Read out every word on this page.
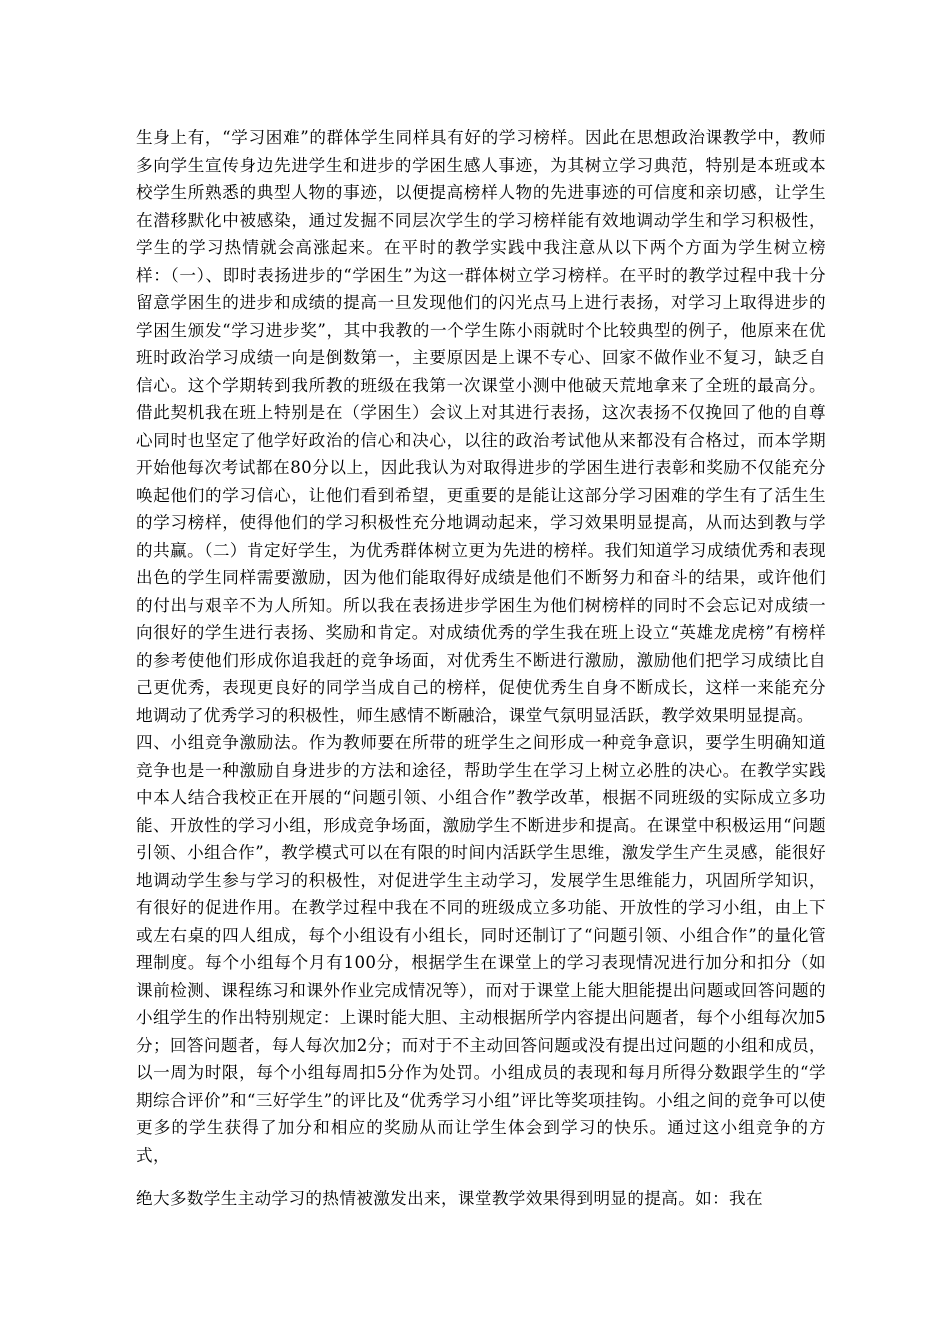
生身上有，“学习困难”的群体学生同样具有好的学习榜样。因此在思想政治课教学中，教师多向学生宣传身边先进学生和进步的学困生感人事迹，为其树立学习典范，特别是本班或本校学生所熟悉的典型人物的事迹，以便提高榜样人物的先进事迹的可信度和亲切感，让学生在潜移默化中被感染，通过发掘不同层次学生的学习榜样能有效地调动学生和学习积极性，学生的学习热情就会高涨起来。在平时的教学实践中我注意从以下两个方面为学生树立榜样：（一）、即时表扬进步的“学困生”为这一群体树立学习榜样。在平时的教学过程中我十分留意学困生的进步和成绩的提高一旦发现他们的闪光点马上进行表扬，对学习上取得进步的学困生颁发“学习进步奖”，其中我教的一个学生陈小雨就时个比较典型的例子，他原来在优班时政治学习成绩一向是倒数第一，主要原因是上课不专心、回家不做作业不复习，缺乏自信心。这个学期转到我所教的班级在我第一次课堂小测中他破天荒地拿来了全班的最高分。借此契机我在班上特别是在（学困生）会议上对其进行表扬，这次表扬不仅挽回了他的自尊心同时也坚定了他学好政治的信心和决心，以往的政治考试他从来都没有合格过，而本学期开始他每次考试都在80分以上，因此我认为对取得进步的学困生进行表彰和奖励不仅能充分唤起他们的学习信心，让他们看到希望，更重要的是能让这部分学习困难的学生有了活生生的学习榜样，使得他们的学习积极性充分地调动起来，学习效果明显提高，从而达到教与学的共赢。（二）肯定好学生，为优秀群体树立更为先进的榜样。我们知道学习成绩优秀和表现出色的学生同样需要激励，因为他们能取得好成绩是他们不断努力和奋斗的结果，或许他们的付出与艰辛不为人所知。所以我在表扬进步学困生为他们树榜样的同时不会忘记对成绩一向很好的学生进行表扬、奖励和肯定。对成绩优秀的学生我在班上设立“英雄龙虎榜”有榜样的参考使他们形成你追我赶的竞争场面，对优秀生不断进行激励，激励他们把学习成绩比自己更优秀，表现更良好的同学当成自己的榜样，促使优秀生自身不断成长，这样一来能充分地调动了优秀学习的积极性，师生感情不断融洽，课堂气氛明显活跃，教学效果明显提高。

四、小组竞争激励法。作为教师要在所带的班学生之间形成一种竞争意识，要学生明确知道竞争也是一种激励自身进步的方法和途径，帮助学生在学习上树立必胜的决心。在教学实践中本人结合我校正在开展的“问题引领、小组合作”教学改革，根据不同班级的实际成立多功能、开放性的学习小组，形成竞争场面，激励学生不断进步和提高。在课堂中积极运用“问题引领、小组合作”，教学模式可以在有限的时间内活跃学生思维，激发学生产生灵感，能很好地调动学生参与学习的积极性，对促进学生主动学习，发展学生思维能力，巩固所学知识，有很好的促进作用。在教学过程中我在不同的班级成立多功能、开放性的学习小组，由上下或左右桌的四人组成，每个小组设有小组长，同时还制订了“问题引领、小组合作”的量化管理制度。每个小组每个月有100分，根据学生在课堂上的学习表现情况进行加分和扣分（如课前检测、课程练习和课外作业完成情况等），而对于课堂上能大胆能提出问题或回答问题的小组学生的作出特别规定：上课时能大胆、主动根据所学内容提出问题者，每个小组每次加5分；回答问题者，每人每次加2分；而对于不主动回答问题或没有提出过问题的小组和成员，以一周为时限，每个小组每周扣5分作为处罚。小组成员的表现和每月所得分数跟学生的“学期综合评价”和“三好学生”的评比及“优秀学习小组”评比等奖项挂钩。小组之间的竞争可以使更多的学生获得了加分和相应的奖励从而让学生体会到学习的快乐。通过这小组竞争的方式，

绝大多数学生主动学习的热情被激发出来，课堂教学效果得到明显的提高。如：我在
